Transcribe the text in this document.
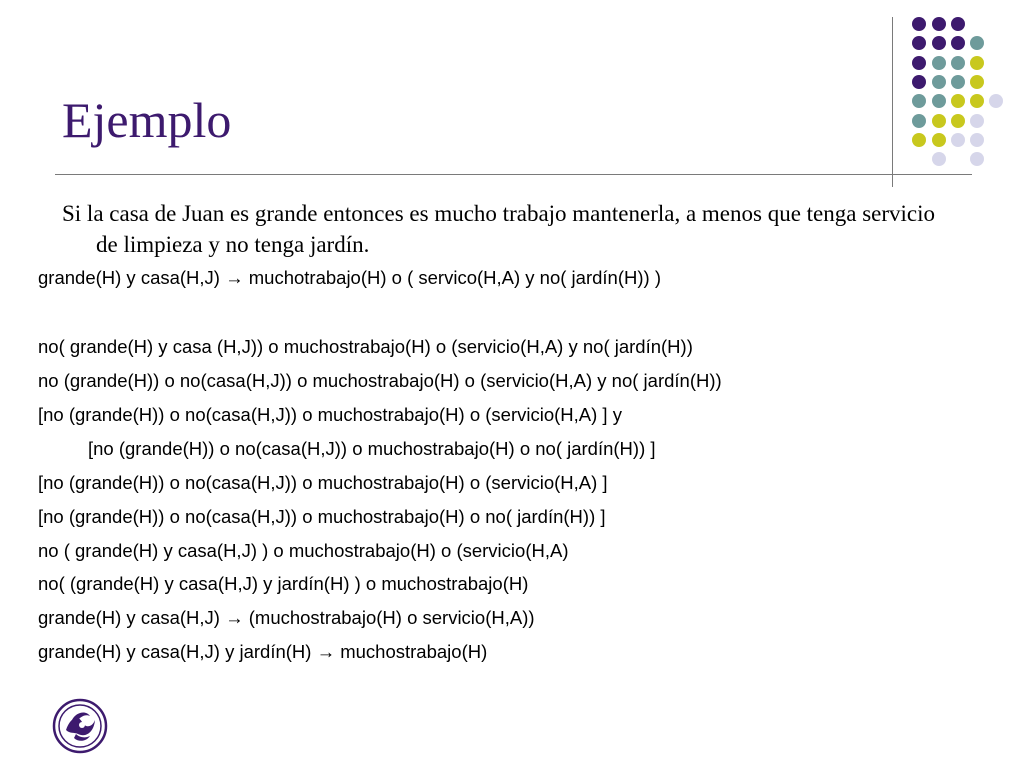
Ejemplo

Si la casa de Juan es grande entonces es mucho trabajo mantenerla, a menos que tenga servicio de limpieza y no tenga jardín.

grande(H) y casa(H,J) → muchotrabajo(H) o ( servico(H,A) y no( jardín(H)) )

no( grande(H) y casa (H,J)) o muchostrabajo(H) o (servicio(H,A) y no( jardín(H))

no (grande(H)) o no(casa(H,J)) o muchostrabajo(H) o (servicio(H,A) y no( jardín(H))

[no (grande(H)) o no(casa(H,J)) o muchostrabajo(H) o (servicio(H,A) ] y

[no (grande(H)) o no(casa(H,J)) o muchostrabajo(H) o no( jardín(H)) ]

[no (grande(H)) o no(casa(H,J)) o muchostrabajo(H) o (servicio(H,A) ]

[no (grande(H)) o no(casa(H,J)) o muchostrabajo(H) o no( jardín(H)) ]

no ( grande(H) y casa(H,J) ) o muchostrabajo(H) o (servicio(H,A)

no( (grande(H) y casa(H,J) y jardín(H) ) o muchostrabajo(H)

grande(H) y casa(H,J) → (muchostrabajo(H) o servicio(H,A))

grande(H) y casa(H,J) y jardín(H) → muchostrabajo(H)
